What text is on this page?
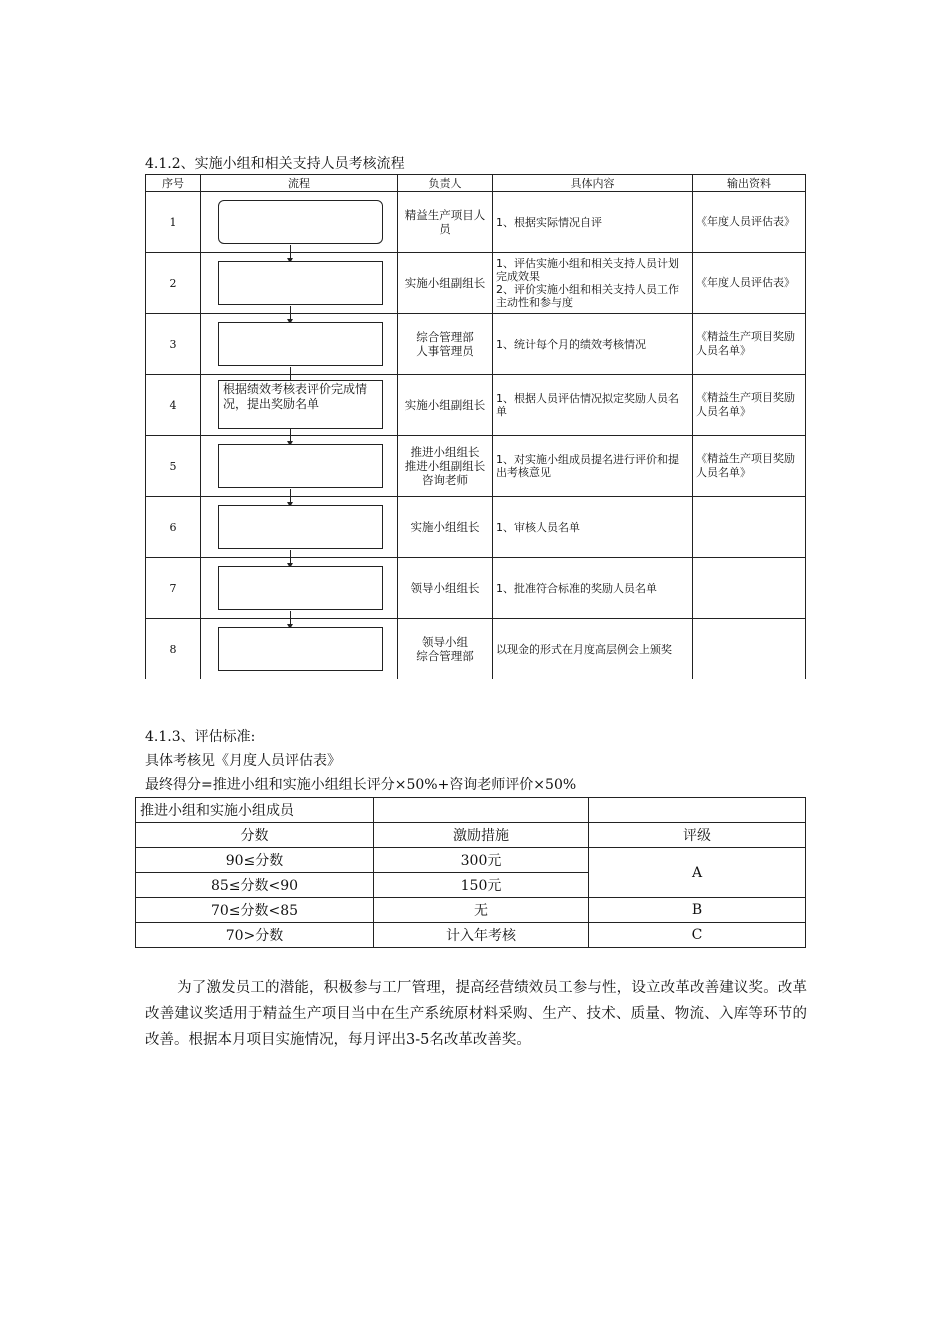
4.1.2、实施小组和相关支持人员考核流程
序号	流程	负责人	具体内容	输出资料
1		精益生产项目人员	1、根据实际情况自评	《年度人员评估表》
2		实施小组副组长	1、评估实施小组和相关支持人员计划完成效果
2、评价实施小组和相关支持人员工作主动性和参与度	《年度人员评估表》
3		综合管理部
人事管理员	1、统计每个月的绩效考核情况	《精益生产项目奖励人员名单》
4	根据绩效考核表评价完成情况，提出奖励名单	实施小组副组长	1、根据人员评估情况拟定奖励人员名单	《精益生产项目奖励人员名单》
5		推进小组组长
推进小组副组长
咨询老师	1、对实施小组成员提名进行评价和提出考核意见	《精益生产项目奖励人员名单》
6		实施小组组长	1、审核人员名单	
7		领导小组组长	1、批准符合标准的奖励人员名单	
8		领导小组
综合管理部	以现金的形式在月度高层例会上颁奖	
4.1.3、评估标准:
具体考核见《月度人员评估表》
最终得分=推进小组和实施小组组长评分×50%+咨询老师评价×50%
推进小组和实施小组成员		
分数	激励措施	评级
90≤分数	300元	A
85≤分数<90	150元	
70≤分数<85	无	B
70>分数	计入年考核	C
为了激发员工的潜能，积极参与工厂管理，提高经营绩效员工参与性，设立改革改善建议奖。改革改善建议奖适用于精益生产项目当中在生产系统原材料采购、生产、技术、质量、物流、入库等环节的改善。根据本月项目实施情况，每月评出3-5名改革改善奖。
